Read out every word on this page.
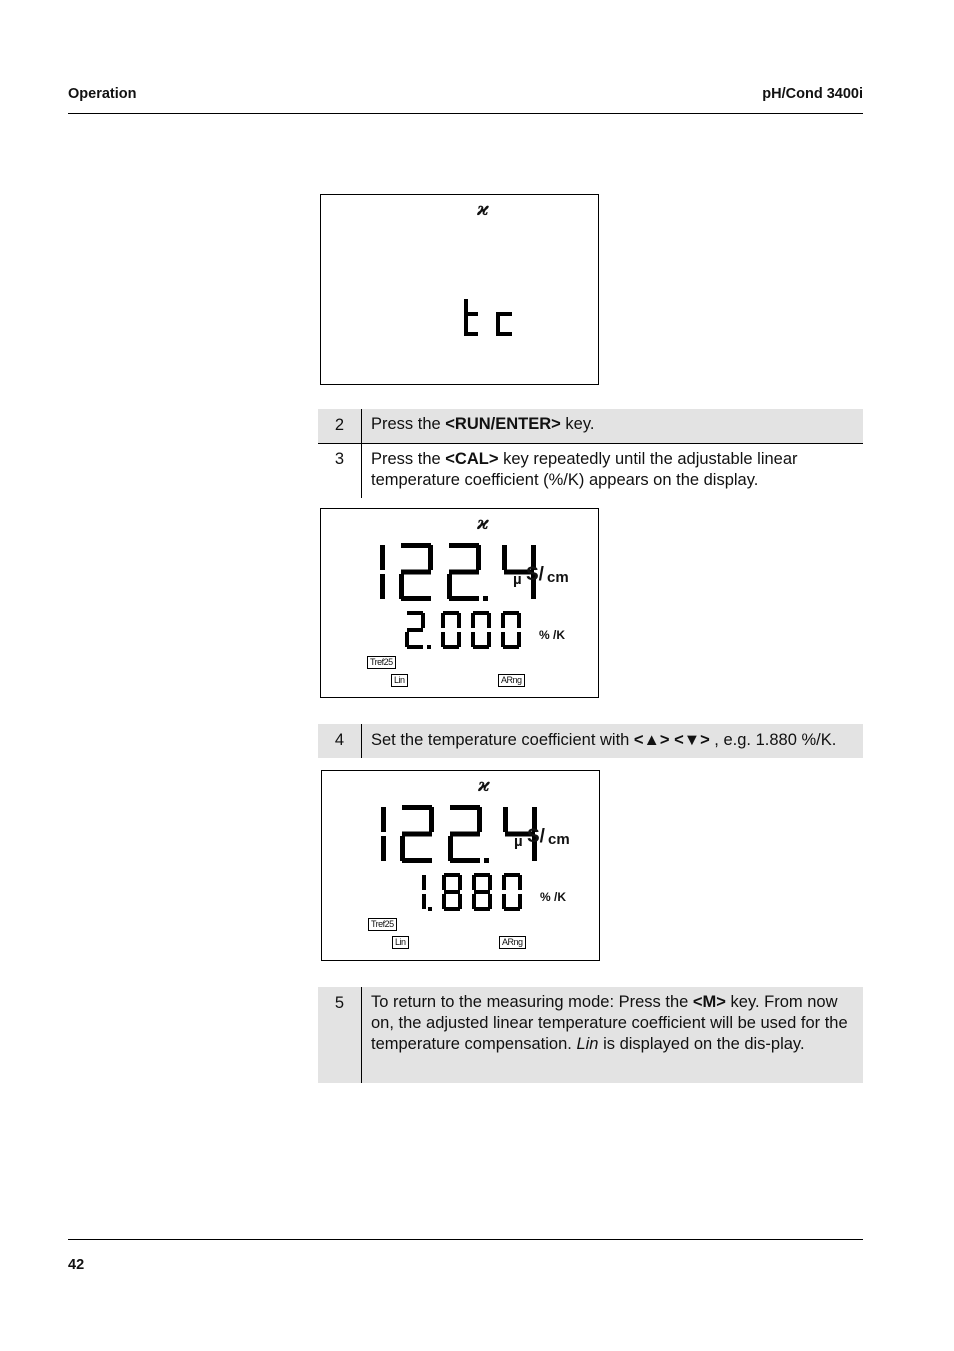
Operation	pH/Cond 3400i
ϰ
2	Press the <RUN/ENTER> key.
3	Press the <CAL> key repeatedly until the adjustable linear temperature coefficient (%/K) appears on the display.
ϰ
µ S/ cm
% /K
Tref25
Lin	ARng
4	Set the temperature coefficient with <▲> <▼> , e.g. 1.880 %/K.
ϰ
µ S/ cm
% /K
Tref25
Lin	ARng
5	To return to the measuring mode: Press the <M> key. From now on, the adjusted linear temperature coefficient will be used for the temperature compensation. Lin is displayed on the dis-play.
42
